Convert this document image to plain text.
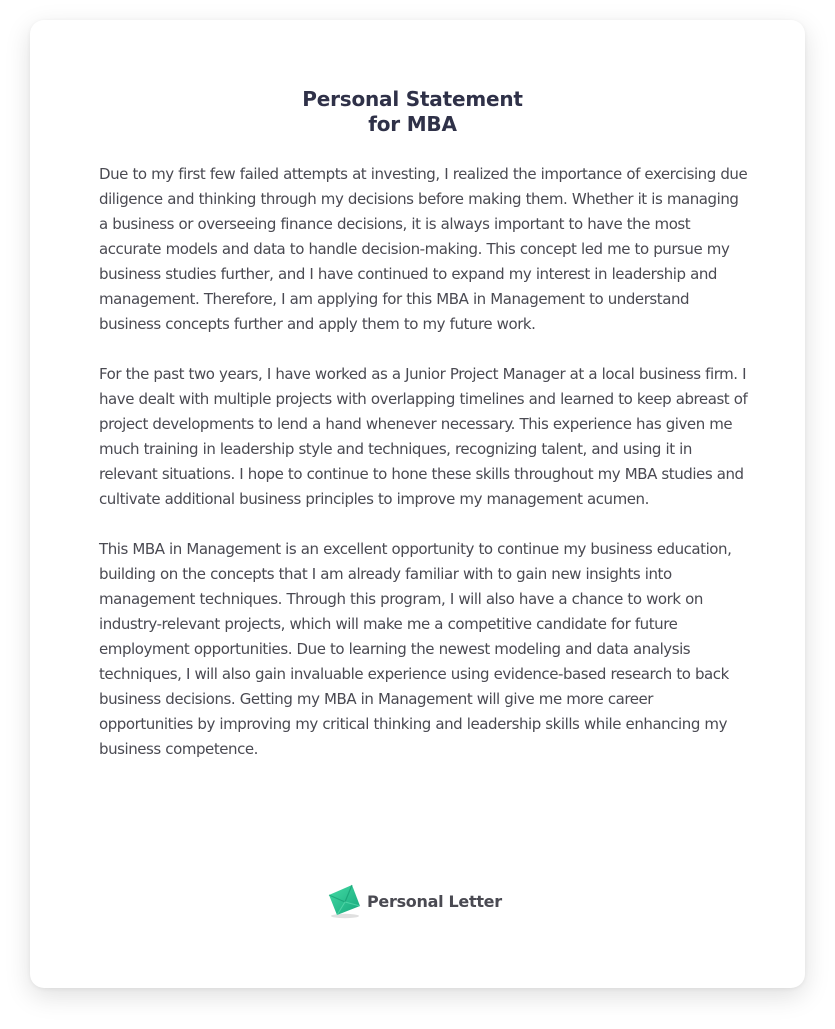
Personal Statement
for MBA

Due to my first few failed attempts at investing, I realized the importance of exercising due diligence and thinking through my decisions before making them. Whether it is managing a business or overseeing finance decisions, it is always important to have the most accurate models and data to handle decision-making. This concept led me to pursue my business studies further, and I have continued to expand my interest in leadership and management. Therefore, I am applying for this MBA in Management to understand business concepts further and apply them to my future work.

For the past two years, I have worked as a Junior Project Manager at a local business firm. I have dealt with multiple projects with overlapping timelines and learned to keep abreast of project developments to lend a hand whenever necessary. This experience has given me much training in leadership style and techniques, recognizing talent, and using it in relevant situations. I hope to continue to hone these skills throughout my MBA studies and cultivate additional business principles to improve my management acumen.

This MBA in Management is an excellent opportunity to continue my business education, building on the concepts that I am already familiar with to gain new insights into management techniques. Through this program, I will also have a chance to work on industry-relevant projects, which will make me a competitive candidate for future employment opportunities. Due to learning the newest modeling and data analysis techniques, I will also gain invaluable experience using evidence-based research to back business decisions. Getting my MBA in Management will give me more career opportunities by improving my critical thinking and leadership skills while enhancing my business competence.

Personal Letter
